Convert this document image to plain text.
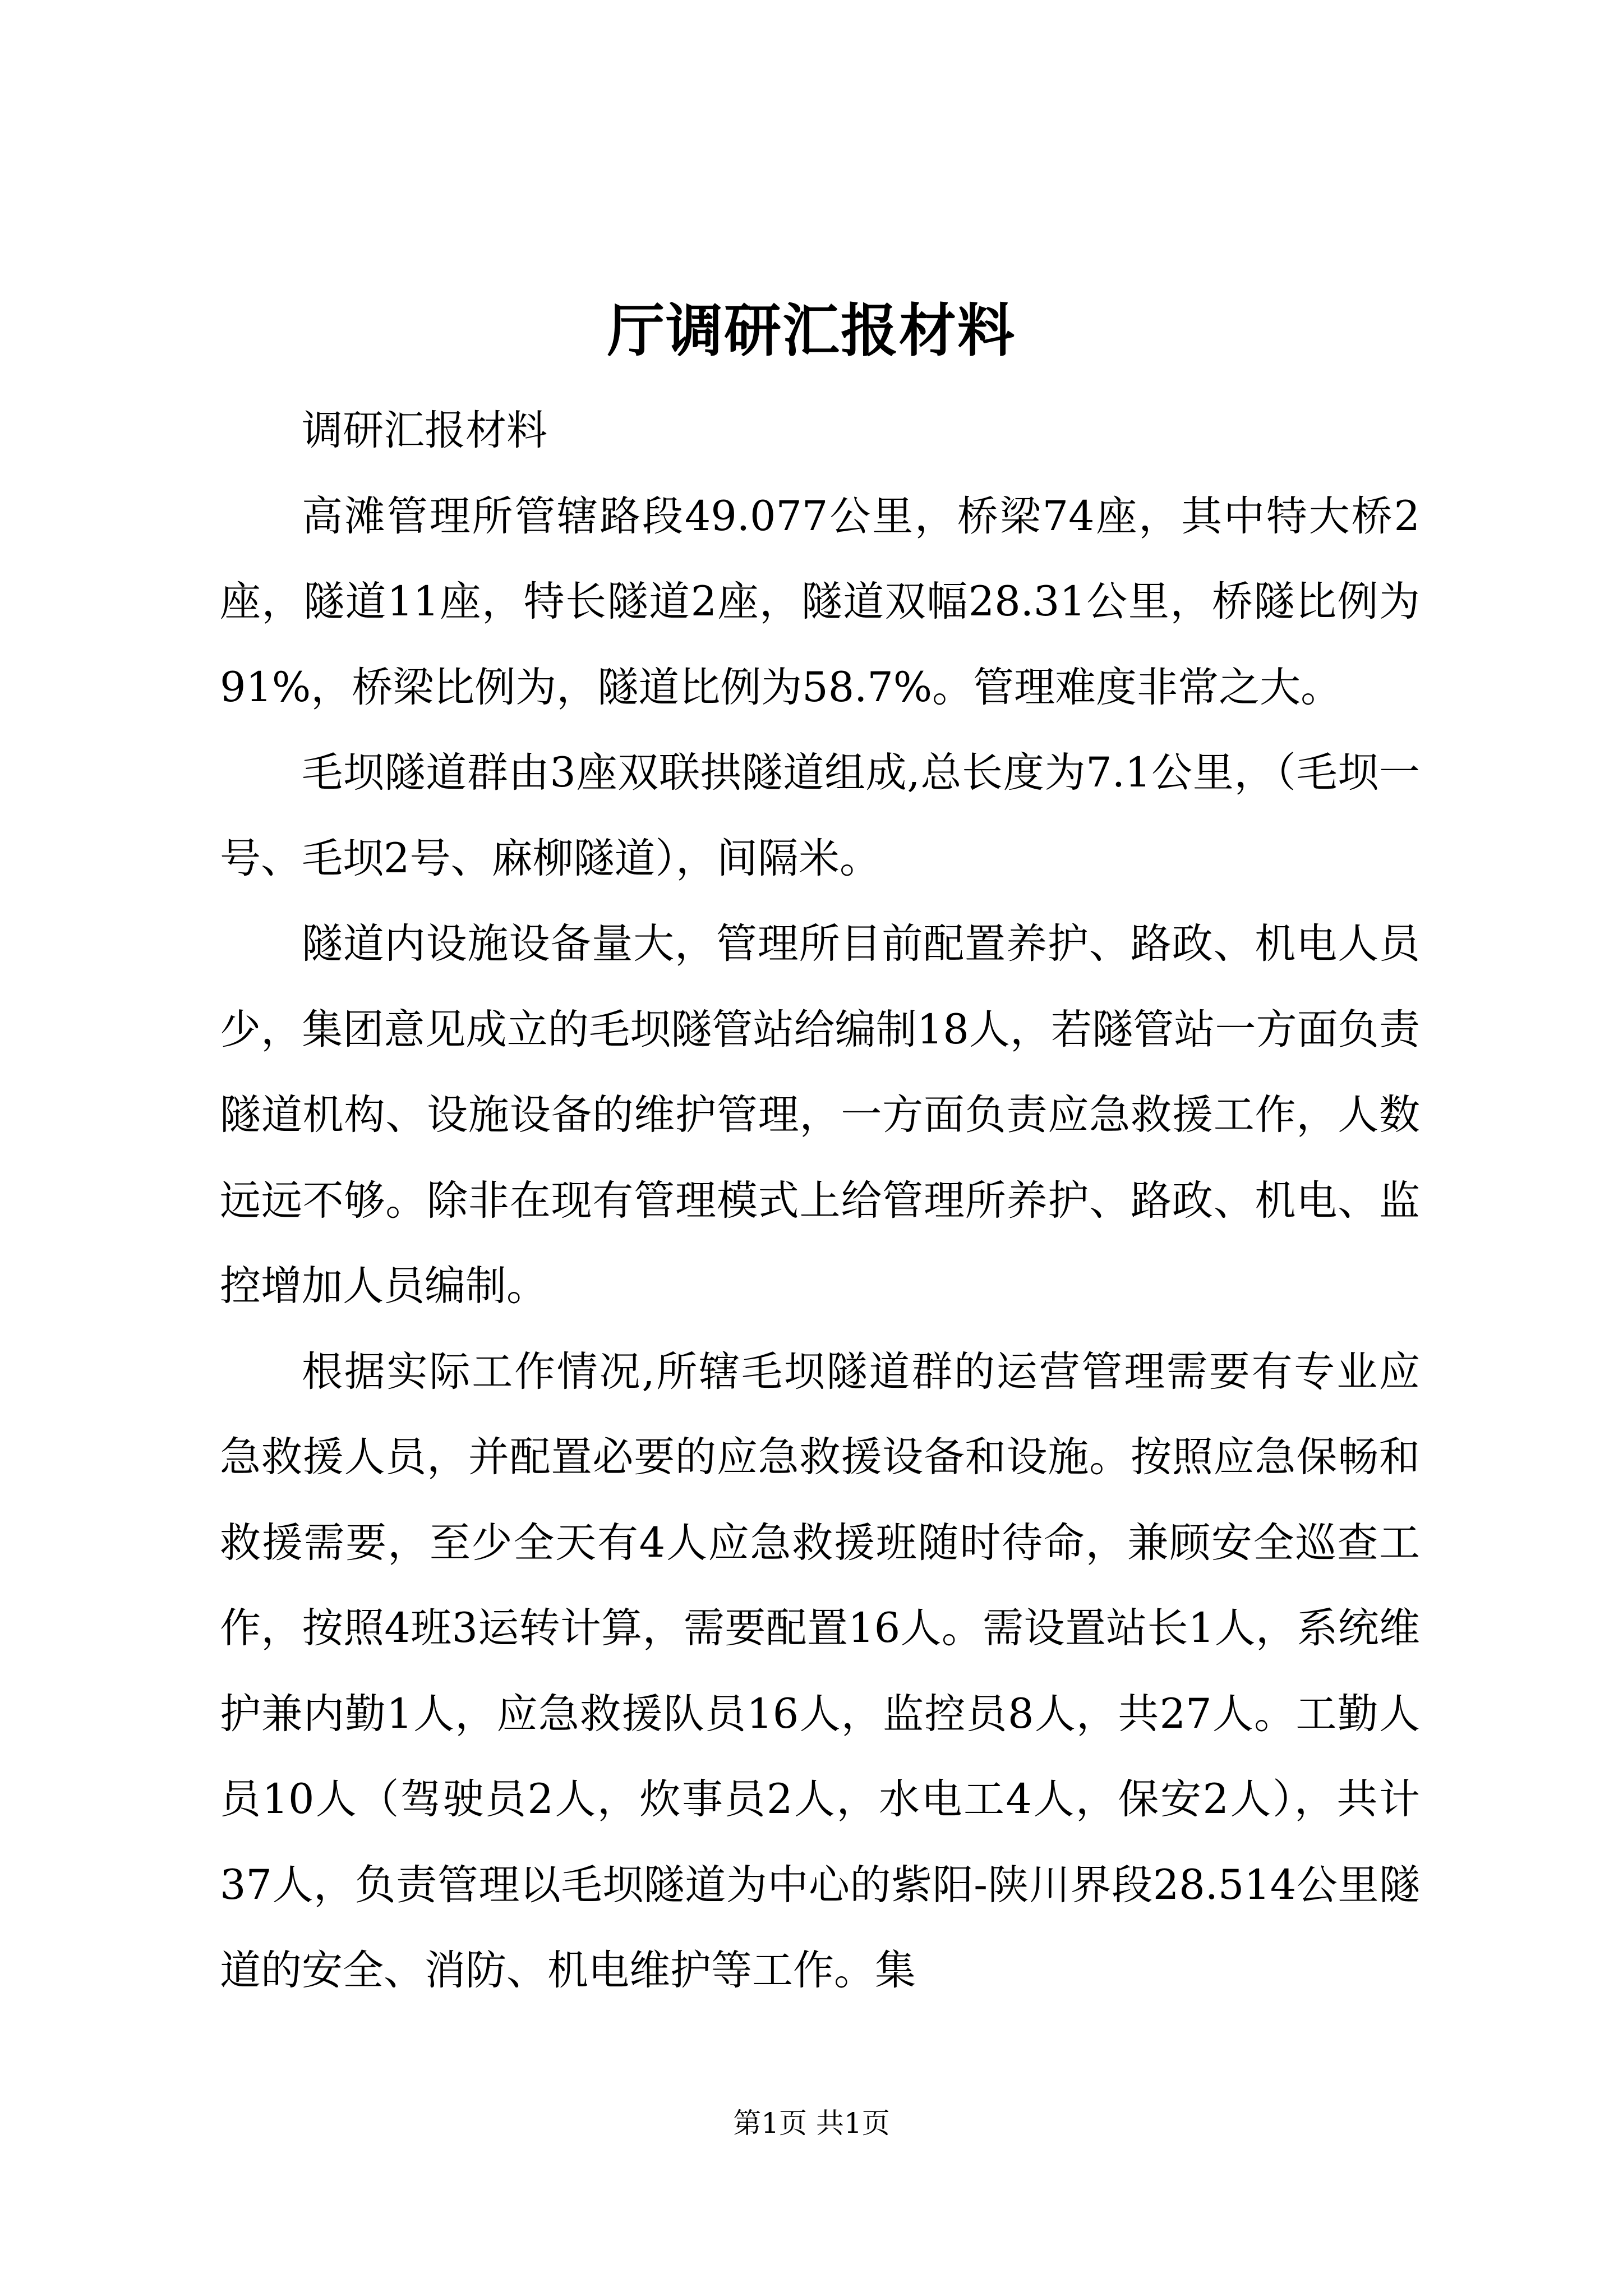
厅调研汇报材料

调研汇报材料

高滩管理所管辖路段49.077公里，桥梁74座，其中特大桥2座，隧道11座，特长隧道2座，隧道双幅28.31公里，桥隧比例为91%，桥梁比例为，隧道比例为58.7%。管理难度非常之大。

毛坝隧道群由3座双联拱隧道组成,总长度为7.1公里，（毛坝一号、毛坝2号、麻柳隧道），间隔米。

隧道内设施设备量大，管理所目前配置养护、路政、机电人员少，集团意见成立的毛坝隧管站给编制18人，若隧管站一方面负责隧道机构、设施设备的维护管理，一方面负责应急救援工作，人数远远不够。除非在现有管理模式上给管理所养护、路政、机电、监控增加人员编制。

根据实际工作情况,所辖毛坝隧道群的运营管理需要有专业应急救援人员，并配置必要的应急救援设备和设施。按照应急保畅和救援需要，至少全天有4人应急救援班随时待命，兼顾安全巡查工作，按照4班3运转计算，需要配置16人。需设置站长1人，系统维护兼内勤1人，应急救援队员16人，监控员8人，共27人。工勤人员10人（驾驶员2人，炊事员2人，水电工4人，保安2人），共计37人，负责管理以毛坝隧道为中心的紫阳-陕川界段28.514公里隧道的安全、消防、机电维护等工作。集

第1页 共1页
